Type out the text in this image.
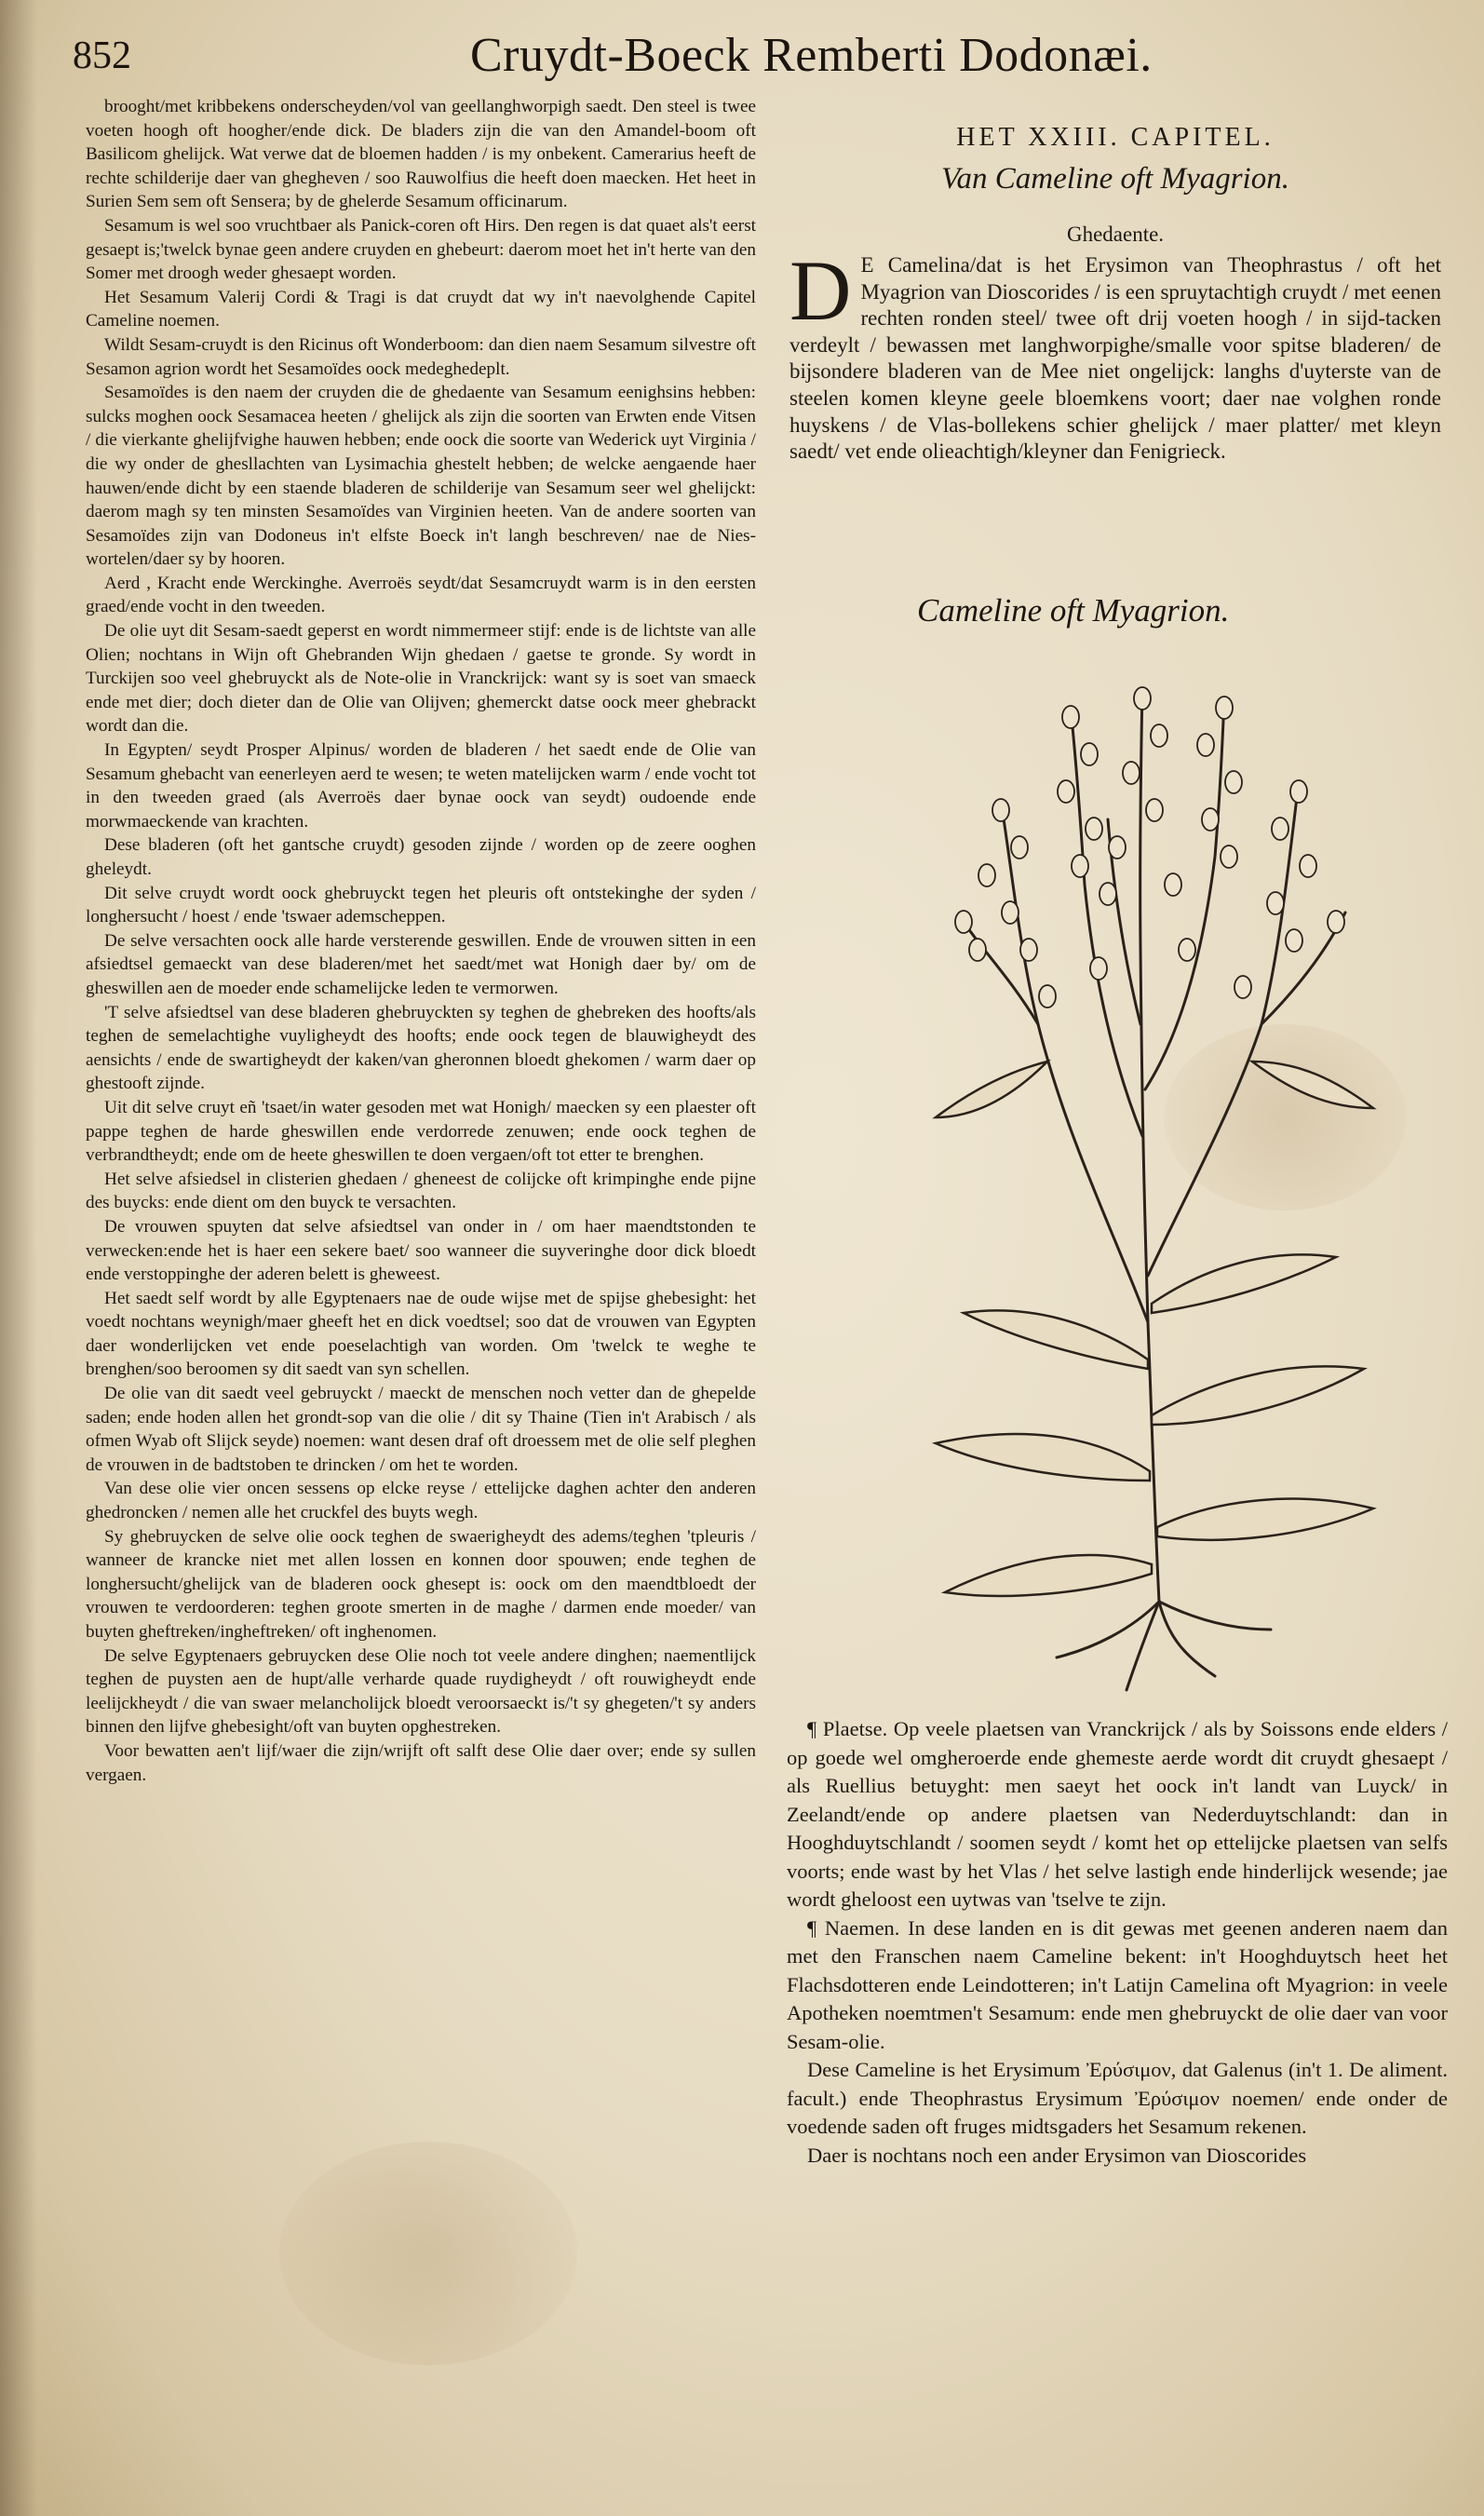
852	Cruydt-Boeck Remberti Dodonæi.

brooght/met kribbekens onderscheyden/vol van geellanghworpigh saedt. Den steel is twee voeten hoogh oft hoogher/ende dick. De bladers zijn die van den Amandel-boom oft Basilicom ghelijck. Wat verwe dat de bloemen hadden / is my onbekent. Camerarius heeft de rechte schilderije daer van ghegheven / soo Rauwolfius die heeft doen maecken. Het heet in Surien Sem sem oft Sensera; by de ghelerde Sesamum officinarum.

Sesamum is wel soo vruchtbaer als Panick-coren oft Hirs. Den regen is dat quaet als't eerst gesaept is;'twelck bynae geen andere cruyden en ghebeurt: daerom moet het in't herte van den Somer met droogh weder ghesaept worden.

Het Sesamum Valerij Cordi & Tragi is dat cruydt dat wy in't naevolghende Capitel Cameline noemen.

Wildt Sesam-cruydt is den Ricinus oft Wonderboom: dan dien naem Sesamum silvestre oft Sesamon agrion wordt het Sesamoïdes oock medeghedeplt.

Sesamoïdes is den naem der cruyden die de ghedaente van Sesamum eenighsins hebben: sulcks moghen oock Sesamacea heeten / ghelijck als zijn die soorten van Erwten ende Vitsen / die vierkante ghelijfvighe hauwen hebben; ende oock die soorte van Wederick uyt Virginia / die wy onder de ghesllachten van Lysimachia ghestelt hebben; de welcke aengaende haer hauwen/ende dicht by een staende bladeren de schilderije van Sesamum seer wel ghelijckt: daerom magh sy ten minsten Sesamoïdes van Virginien heeten. Van de andere soorten van Sesamoïdes zijn van Dodoneus in't elfste Boeck in't langh beschreven/ nae de Nies-wortelen/daer sy by hooren.

Aerd , Kracht ende Werckinghe. Averroës seydt/dat Sesamcruydt warm is in den eersten graed/ende vocht in den tweeden.

De olie uyt dit Sesam-saedt geperst en wordt nimmermeer stijf: ende is de lichtste van alle Olien; nochtans in Wijn oft Ghebranden Wijn ghedaen / gaetse te gronde. Sy wordt in Turckijen soo veel ghebruyckt als de Note-olie in Vranckrijck: want sy is soet van smaeck ende met dier; doch dieter dan de Olie van Olijven; ghemerckt datse oock meer ghebrackt wordt dan die.

In Egypten/ seydt Prosper Alpinus/ worden de bladeren / het saedt ende de Olie van Sesamum ghebacht van eenerleyen aerd te wesen; te weten matelijcken warm / ende vocht tot in den tweeden graed (als Averroës daer bynae oock van seydt) oudoende ende morwmaeckende van krachten.

Dese bladeren (oft het gantsche cruydt) gesoden zijnde / worden op de zeere ooghen gheleydt.

Dit selve cruydt wordt oock ghebruyckt tegen het pleuris oft ontstekinghe der syden / longhersucht / hoest / ende 'tswaer ademscheppen.

De selve versachten oock alle harde versterende geswillen. Ende de vrouwen sitten in een afsiedtsel gemaeckt van dese bladeren/met het saedt/met wat Honigh daer by/ om de gheswillen aen de moeder ende schamelijcke leden te vermorwen.

'T selve afsiedtsel van dese bladeren ghebruyckten sy teghen de ghebreken des hoofts/als teghen de semelachtighe vuyligheydt des hoofts; ende oock tegen de blauwigheydt des aensichts / ende de swartigheydt der kaken/van gheronnen bloedt ghekomen / warm daer op ghestooft zijnde.

Uit dit selve cruyt eñ 'tsaet/in water gesoden met wat Honigh/ maecken sy een plaester oft pappe teghen de harde gheswillen ende verdorrede zenuwen; ende oock teghen de verbrandtheydt; ende om de heete gheswillen te doen vergaen/oft tot etter te brenghen.

Het selve afsiedsel in clisterien ghedaen / gheneest de colijcke oft krimpinghe ende pijne des buycks: ende dient om den buyck te versachten.

De vrouwen spuyten dat selve afsiedtsel van onder in / om haer maendtstonden te verwecken:ende het is haer een sekere baet/ soo wanneer die suyveringhe door dick bloedt ende verstoppinghe der aderen belett is gheweest.

Het saedt self wordt by alle Egyptenaers nae de oude wijse met de spijse ghebesight: het voedt nochtans weynigh/maer gheeft het en dick voedtsel; soo dat de vrouwen van Egypten daer wonderlijcken vet ende poeselachtigh van worden. Om 'twelck te weghe te brenghen/soo beroomen sy dit saedt van syn schellen.

De olie van dit saedt veel gebruyckt / maeckt de menschen noch vetter dan de ghepelde saden; ende hoden allen het grondt-sop van die olie / dit sy Thaine (Tien in't Arabisch / als ofmen Wyab oft Slijck seyde) noemen: want desen draf oft droessem met de olie self pleghen de vrouwen in de badtstoben te drincken / om het te worden.

Van dese olie vier oncen sessens op elcke reyse / ettelijcke daghen achter den anderen ghedroncken / nemen alle het cruckfel des buyts wegh.

Sy ghebruycken de selve olie oock teghen de swaerigheydt des adems/teghen 'tpleuris / wanneer de krancke niet met allen lossen en konnen door spouwen; ende teghen de longhersucht/ghelijck van de bladeren oock ghesept is: oock om den maendtbloedt der vrouwen te verdoorderen: teghen groote smerten in de maghe / darmen ende moeder/ van buyten gheftreken/ingheftreken/ oft inghenomen.

De selve Egyptenaers gebruycken dese Olie noch tot veele andere dinghen; naementlijck teghen de puysten aen de hupt/alle verharde quade ruydigheydt / oft rouwigheydt ende leelijckheydt / die van swaer melancholijck bloedt veroorsaeckt is/'t sy ghegeten/'t sy anders binnen den lijfve ghebesight/oft van buyten opghestreken.

Voor bewatten aen't lijf/waer die zijn/wrijft oft salft dese Olie daer over; ende sy sullen vergaen.

HET XXIII. CAPITEL.
Van Cameline oft Myagrion.
Ghedaente.
D E Camelina/dat is het Erysimon van Theophrastus / oft het Myagrion van Dioscorides / is een spruytachtigh cruydt / met eenen rechten ronden steel/ twee oft drij voeten hoogh / in sijd-tacken verdeylt / bewassen met langhworpighe/smalle voor spitse bladeren/ de bijsondere bladeren van de Mee niet ongelijck: langhs d'uyterste van de steelen komen kleyne geele bloemkens voort; daer nae volghen ronde huyskens / de Vlas-bollekens schier ghelijck / maer platter/ met kleyn saedt/ vet ende olieachtigh/kleyner dan Fenigrieck.
Cameline oft Myagrion.

¶ Plaetse. Op veele plaetsen van Vranckrijck / als by Soissons ende elders / op goede wel omgheroerde ende ghemeste aerde wordt dit cruydt ghesaept / als Ruellius betuyght: men saeyt het oock in't landt van Luyck/ in Zeelandt/ende op andere plaetsen van Nederduytschlandt: dan in Hooghduytschlandt / soomen seydt / komt het op ettelijcke plaetsen van selfs voorts; ende wast by het Vlas / het selve lastigh ende hinderlijck wesende; jae wordt gheloost een uytwas van 'tselve te zijn.

¶ Naemen. In dese landen en is dit gewas met geenen anderen naem dan met den Franschen naem Cameline bekent: in't Hooghduytsch heet het Flachsdotteren ende Leindotteren; in't Latijn Camelina oft Myagrion: in veele Apotheken noemtmen't Sesamum: ende men ghebruyckt de olie daer van voor Sesam-olie.

Dese Cameline is het Erysimum Ἐρύσιμον, dat Galenus (in't 1. De aliment. facult.) ende Theophrastus Erysimum Ἐρύσιμον noemen/ ende onder de voedende saden oft fruges midtsgaders het Sesamum rekenen.

Daer is nochtans noch een ander Erysimon van Dioscorides
